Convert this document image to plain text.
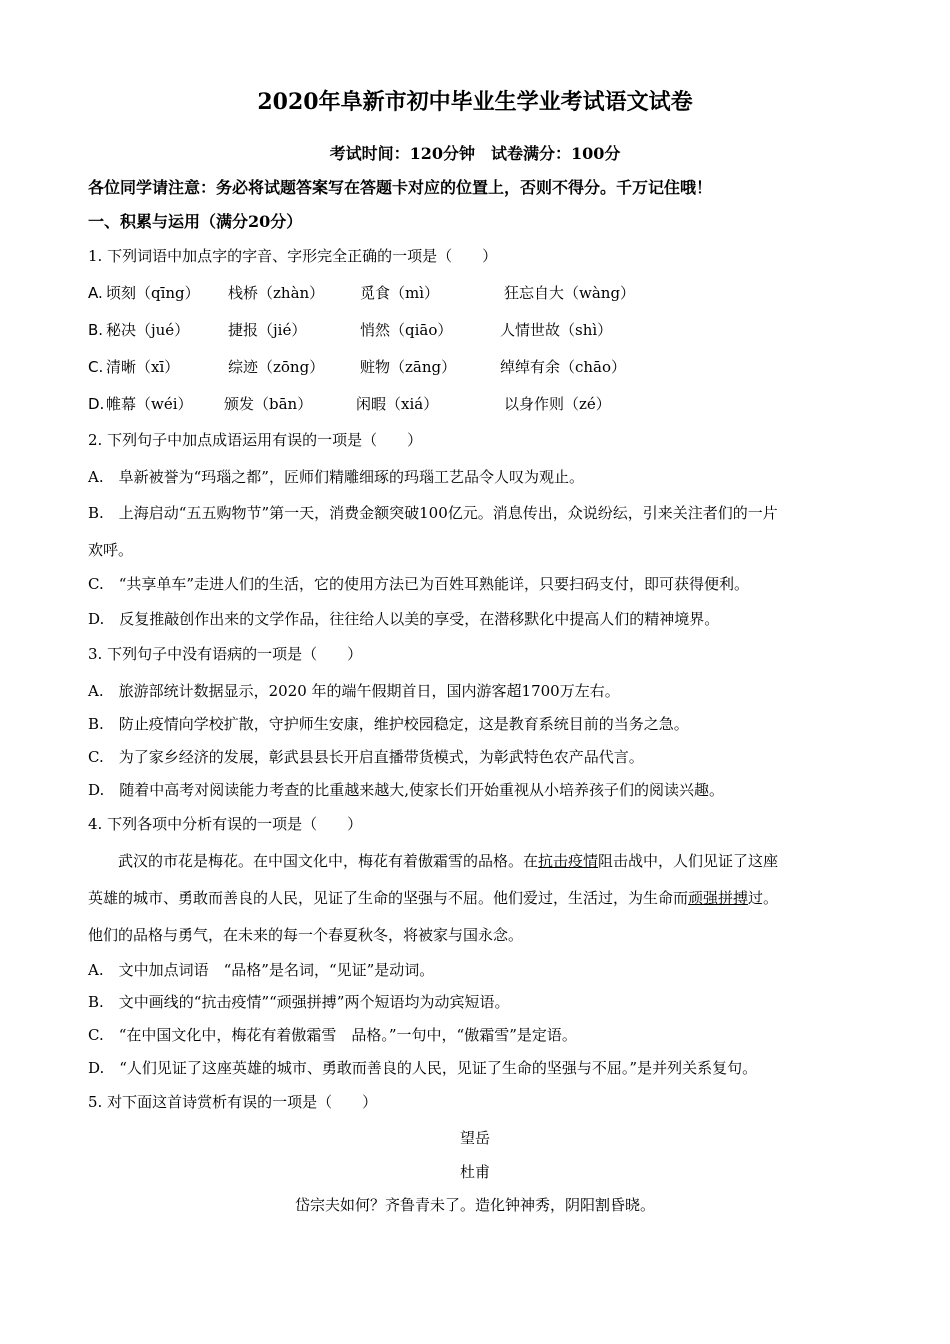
2020年阜新市初中毕业生学业考试语文试卷
考试时间：120分钟　试卷满分：100分
各位同学请注意：务必将试题答案写在答题卡对应的位置上，否则不得分。千万记住哦！
一、积累与运用（满分20分）
1. 下列词语中加点字的字音、字形完全正确的一项是（　　）
A. 顷刻（qīng） 栈桥（zhàn） 觅食（mì）	狂忘自大（wàng）
B. 秘决（jué）	捷报（jié）	悄然（qiāo）	人情世故（shì）
C. 清晰（xī）	综迹（zōng） 赃物（zāng）	绰绰有余（chāo）
D. 帷幕（wéi） 颁发（bān）	闲暇（xiá）	以身作则（zé）
2. 下列句子中加点成语运用有误的一项是（　　）
A.　阜新被誉为“玛瑙之都”，匠师们精雕细琢的玛瑙工艺品令人叹为观止。
B.　上海启动“五五购物节”第一天，消费金额突破100亿元。消息传出，众说纷纭，引来关注者们的一片
欢呼。
C.　“共享单车”走进人们的生活，它的使用方法已为百姓耳熟能详，只要扫码支付，即可获得便利。
D.　反复推敲创作出来的文学作品，往往给人以美的享受，在潜移默化中提高人们的精神境界。
3. 下列句子中没有语病的一项是（　　）
A.　旅游部统计数据显示，2020 年的端午假期首日，国内游客超1700万左右。
B.　防止疫情向学校扩散，守护师生安康，维护校园稳定，这是教育系统目前的当务之急。
C.　为了家乡经济的发展，彰武县县长开启直播带货模式，为彰武特色农产品代言。
D.　随着中高考对阅读能力考查的比重越来越大,使家长们开始重视从小培养孩子们的阅读兴趣。
4. 下列各项中分析有误的一项是（　　）
　　武汉的市花是梅花。在中国文化中，梅花有着傲霜雪的品格。在抗击疫情阻击战中，人们见证了这座
英雄的城市、勇敢而善良的人民，见证了生命的坚强与不屈。他们爱过，生活过，为生命而顽强拼搏过。
他们的品格与勇气，在未来的每一个春夏秋冬，将被家与国永念。
A.　文中加点词语　“品格”是名词，“见证”是动词。
B.　文中画线的“抗击疫情”“顽强拼搏”两个短语均为动宾短语。
C.　“在中国文化中，梅花有着傲霜雪　品格。”一句中，“傲霜雪”是定语。
D.　“人们见证了这座英雄的城市、勇敢而善良的人民，见证了生命的坚强与不屈。”是并列关系复句。
5. 对下面这首诗赏析有误的一项是（　　）
望岳
杜甫
岱宗夫如何？齐鲁青未了。造化钟神秀，阴阳割昏晓。
